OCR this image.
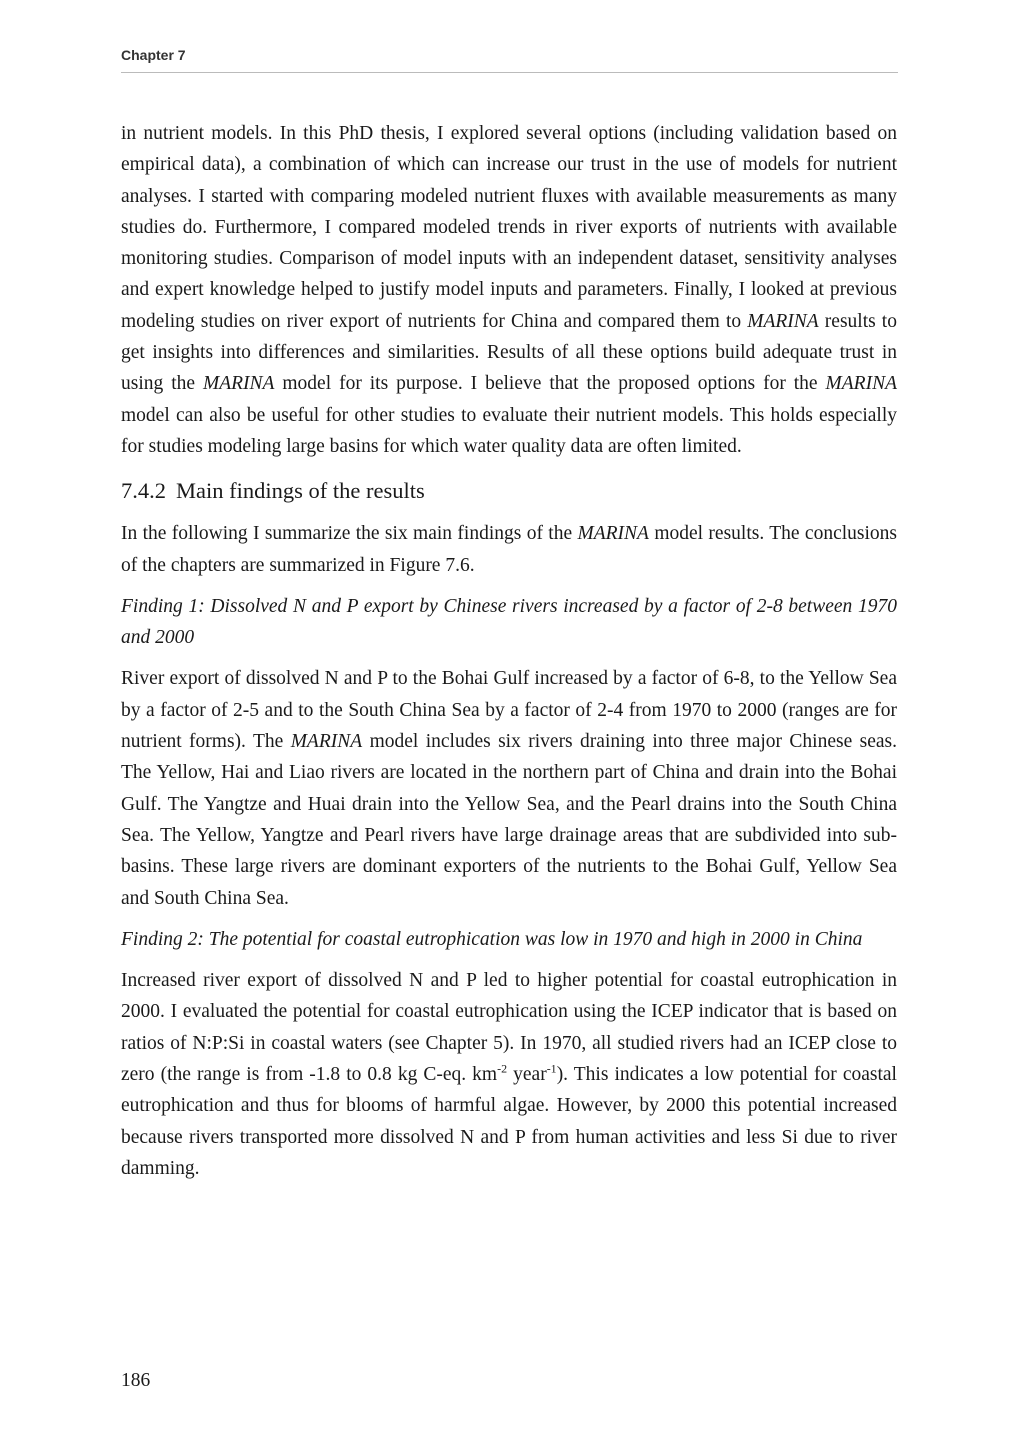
Chapter 7

in nutrient models. In this PhD thesis, I explored several options (including validation based on empirical data), a combination of which can increase our trust in the use of models for nutrient analyses. I started with comparing modeled nutrient fluxes with available measurements as many studies do. Furthermore, I compared modeled trends in river exports of nutrients with available monitoring studies. Comparison of model inputs with an independent dataset, sensitivity analyses and expert knowledge helped to justify model inputs and parameters. Finally, I looked at previous modeling studies on river export of nutrients for China and compared them to MARINA results to get insights into differences and similarities. Results of all these options build adequate trust in using the MARINA model for its purpose. I believe that the proposed options for the MARINA model can also be useful for other studies to evaluate their nutrient models. This holds especially for studies modeling large basins for which water quality data are often limited.

7.4.2 Main findings of the results

In the following I summarize the six main findings of the MARINA model results. The conclusions of the chapters are summarized in Figure 7.6.

Finding 1: Dissolved N and P export by Chinese rivers increased by a factor of 2-8 between 1970 and 2000

River export of dissolved N and P to the Bohai Gulf increased by a factor of 6-8, to the Yellow Sea by a factor of 2-5 and to the South China Sea by a factor of 2-4 from 1970 to 2000 (ranges are for nutrient forms). The MARINA model includes six rivers draining into three major Chinese seas. The Yellow, Hai and Liao rivers are located in the northern part of China and drain into the Bohai Gulf. The Yangtze and Huai drain into the Yellow Sea, and the Pearl drains into the South China Sea. The Yellow, Yangtze and Pearl rivers have large drainage areas that are subdivided into sub-basins. These large rivers are dominant exporters of the nutrients to the Bohai Gulf, Yellow Sea and South China Sea.

Finding 2: The potential for coastal eutrophication was low in 1970 and high in 2000 in China

Increased river export of dissolved N and P led to higher potential for coastal eutrophication in 2000. I evaluated the potential for coastal eutrophication using the ICEP indicator that is based on ratios of N:P:Si in coastal waters (see Chapter 5). In 1970, all studied rivers had an ICEP close to zero (the range is from -1.8 to 0.8 kg C-eq. $km^{-2}$ year$^{-1}$). This indicates a low potential for coastal eutrophication and thus for blooms of harmful algae. However, by 2000 this potential increased because rivers transported more dissolved N and P from human activities and less Si due to river damming.

186
